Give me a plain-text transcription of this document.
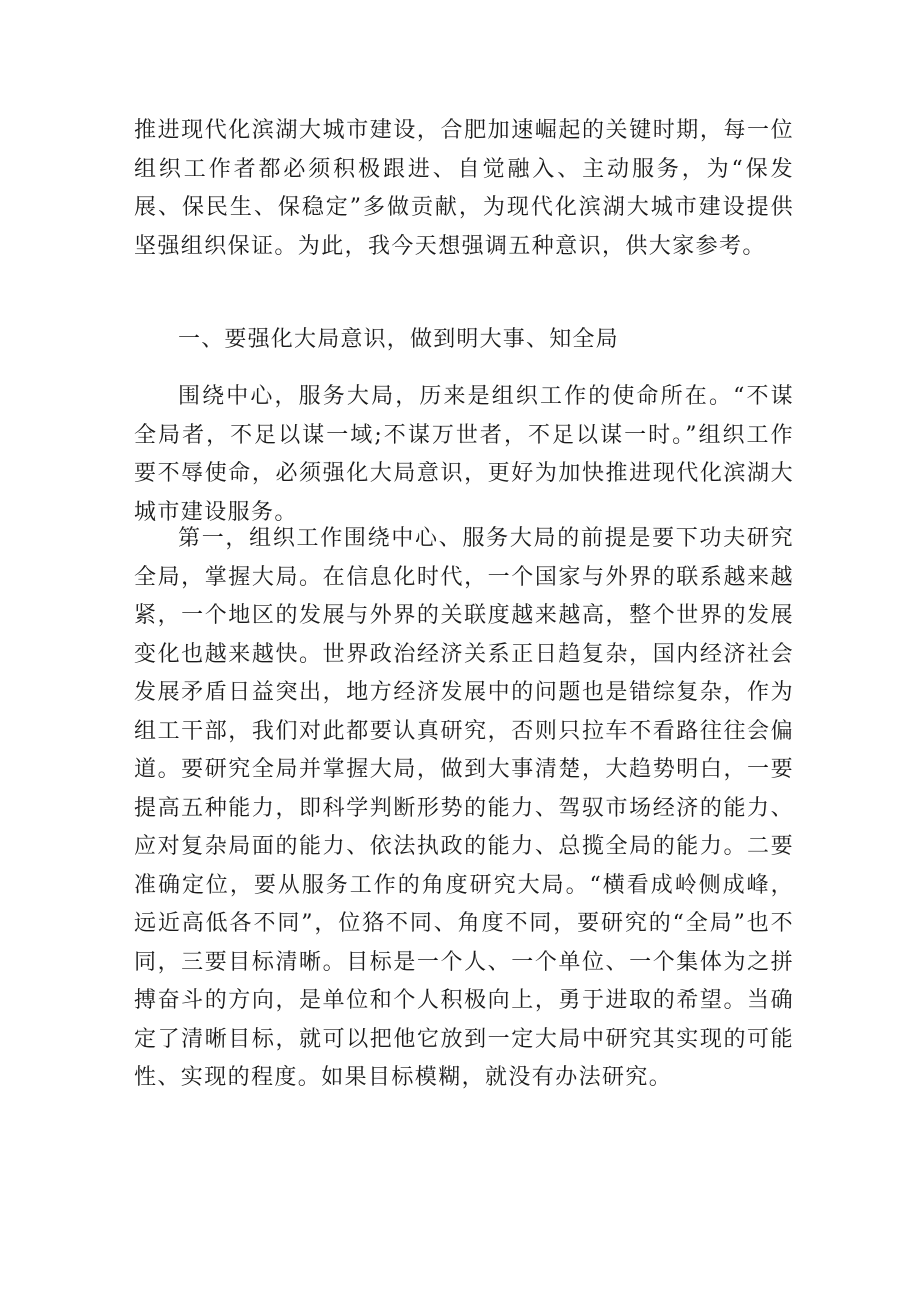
推进现代化滨湖大城市建设，合肥加速崛起的关键时期，每一位组织工作者都必须积极跟进、自觉融入、主动服务，为“保发展、保民生、保稳定”多做贡献，为现代化滨湖大城市建设提供坚强组织保证。为此，我今天想强调五种意识，供大家参考。

一、要强化大局意识，做到明大事、知全局

围绕中心，服务大局，历来是组织工作的使命所在。“不谋全局者，不足以谋一域;不谋万世者，不足以谋一时。”组织工作要不辱使命，必须强化大局意识，更好为加快推进现代化滨湖大城市建设服务。

第一，组织工作围绕中心、服务大局的前提是要下功夫研究全局，掌握大局。在信息化时代，一个国家与外界的联系越来越紧，一个地区的发展与外界的关联度越来越高，整个世界的发展变化也越来越快。世界政治经济关系正日趋复杂，国内经济社会发展矛盾日益突出，地方经济发展中的问题也是错综复杂，作为组工干部，我们对此都要认真研究，否则只拉车不看路往往会偏道。要研究全局并掌握大局，做到大事清楚，大趋势明白，一要提高五种能力，即科学判断形势的能力、驾驭市场经济的能力、应对复杂局面的能力、依法执政的能力、总揽全局的能力。二要准确定位，要从服务工作的角度研究大局。“横看成岭侧成峰，远近高低各不同”，位狢不同、角度不同，要研究的“全局”也不同，三要目标清晰。目标是一个人、一个单位、一个集体为之拼搏奋斗的方向，是单位和个人积极向上，勇于进取的希望。当确定了清晰目标，就可以把他它放到一定大局中研究其实现的可能性、实现的程度。如果目标模糊，就没有办法研究。
